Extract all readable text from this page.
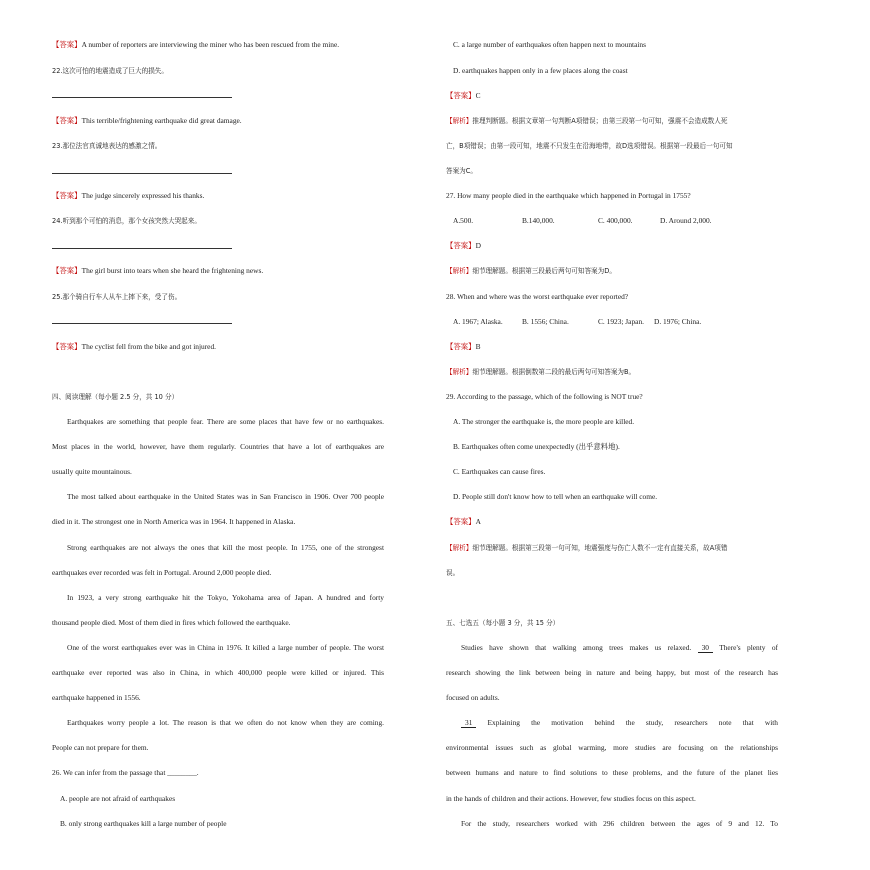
【答案】A number of reporters are interviewing the miner who has been rescued from the mine.
22.这次可怕的地震造成了巨大的损失。
【答案】This terrible/frightening earthquake did great damage.
23.那位法官真诚地表达的感激之情。
【答案】The judge sincerely expressed his thanks.
24.听到那个可怕的消息，那个女孩突然大哭起来。
【答案】The girl burst into tears when she heard the frightening news.
25.那个骑自行车人从车上摔下来，受了伤。
【答案】The cyclist fell from the bike and got injured.
四、阅读理解（每小题 2.5 分，共 10 分）
Earthquakes are something that people fear. There are some places that have few or no earthquakes.
Most places in the world, however, have them regularly. Countries that have a lot of earthquakes are
usually quite mountainous.
The most talked about earthquake in the United States was in San Francisco in 1906. Over 700 people
died in it. The strongest one in North America was in 1964. It happened in Alaska.
Strong earthquakes are not always the ones that kill the most people. In 1755, one of the strongest
earthquakes ever recorded was felt in Portugal. Around 2,000 people died.
In 1923, a very strong earthquake hit the Tokyo, Yokohama area of Japan. A hundred and forty
thousand people died. Most of them died in fires which followed the earthquake.
One of the worst earthquakes ever was in China in 1976. It killed a large number of people. The worst
earthquake ever reported was also in China, in which 400,000 people were killed or injured. This
earthquake happened in 1556.
Earthquakes worry people a lot. The reason is that we often do not know when they are coming.
People can not prepare for them.
26. We can infer from the passage that ________.
A. people are not afraid of earthquakes
B. only strong earthquakes kill a large number of people
C. a large number of earthquakes often happen next to mountains
D. earthquakes happen only in a few places along the coast
【答案】C
【解析】推理判断题。根据文章第一句判断A项错误；由第三段第一句可知，强震不会造成数人死
亡，B项错误；由第一段可知，地震不只发生在沿海地带，故D选项错误。根据第一段最后一句可知
答案为C。
27. How many people died in the earthquake which happened in Portugal in 1755?
A.500.	B.140,000.	C. 400,000.	D. Around 2,000.
【答案】D
【解析】细节理解题。根据第三段最后两句可知答案为D。
28. When and where was the worst earthquake ever reported?
A. 1967; Alaska.	B. 1556; China.	C. 1923; Japan. D. 1976; China.
【答案】B
【解析】细节理解题。根据倒数第二段的最后两句可知答案为B。
29. According to the passage, which of the following is NOT true?
A. The stronger the earthquake is, the more people are killed.
B. Earthquakes often come unexpectedly (出乎意料地).
C. Earthquakes can cause fires.
D. People still don't know how to tell when an earthquake will come.
【答案】A
【解析】细节理解题。根据第三段第一句可知，地震强度与伤亡人数不一定有直接关系，故A项错
误。
五、七选五（每小题 3 分，共 15 分）
Studies have shown that walking among trees makes us relaxed. 30 There's plenty of
research showing the link between being in nature and being happy, but most of the research has
focused on adults.
31 Explaining the motivation behind the study, researchers note that with
environmental issues such as global warming, more studies are focusing on the relationships
between humans and nature to find solutions to these problems, and the future of the planet lies
in the hands of children and their actions. However, few studies focus on this aspect.
For the study, researchers worked with 296 children between the ages of 9 and 12. To
